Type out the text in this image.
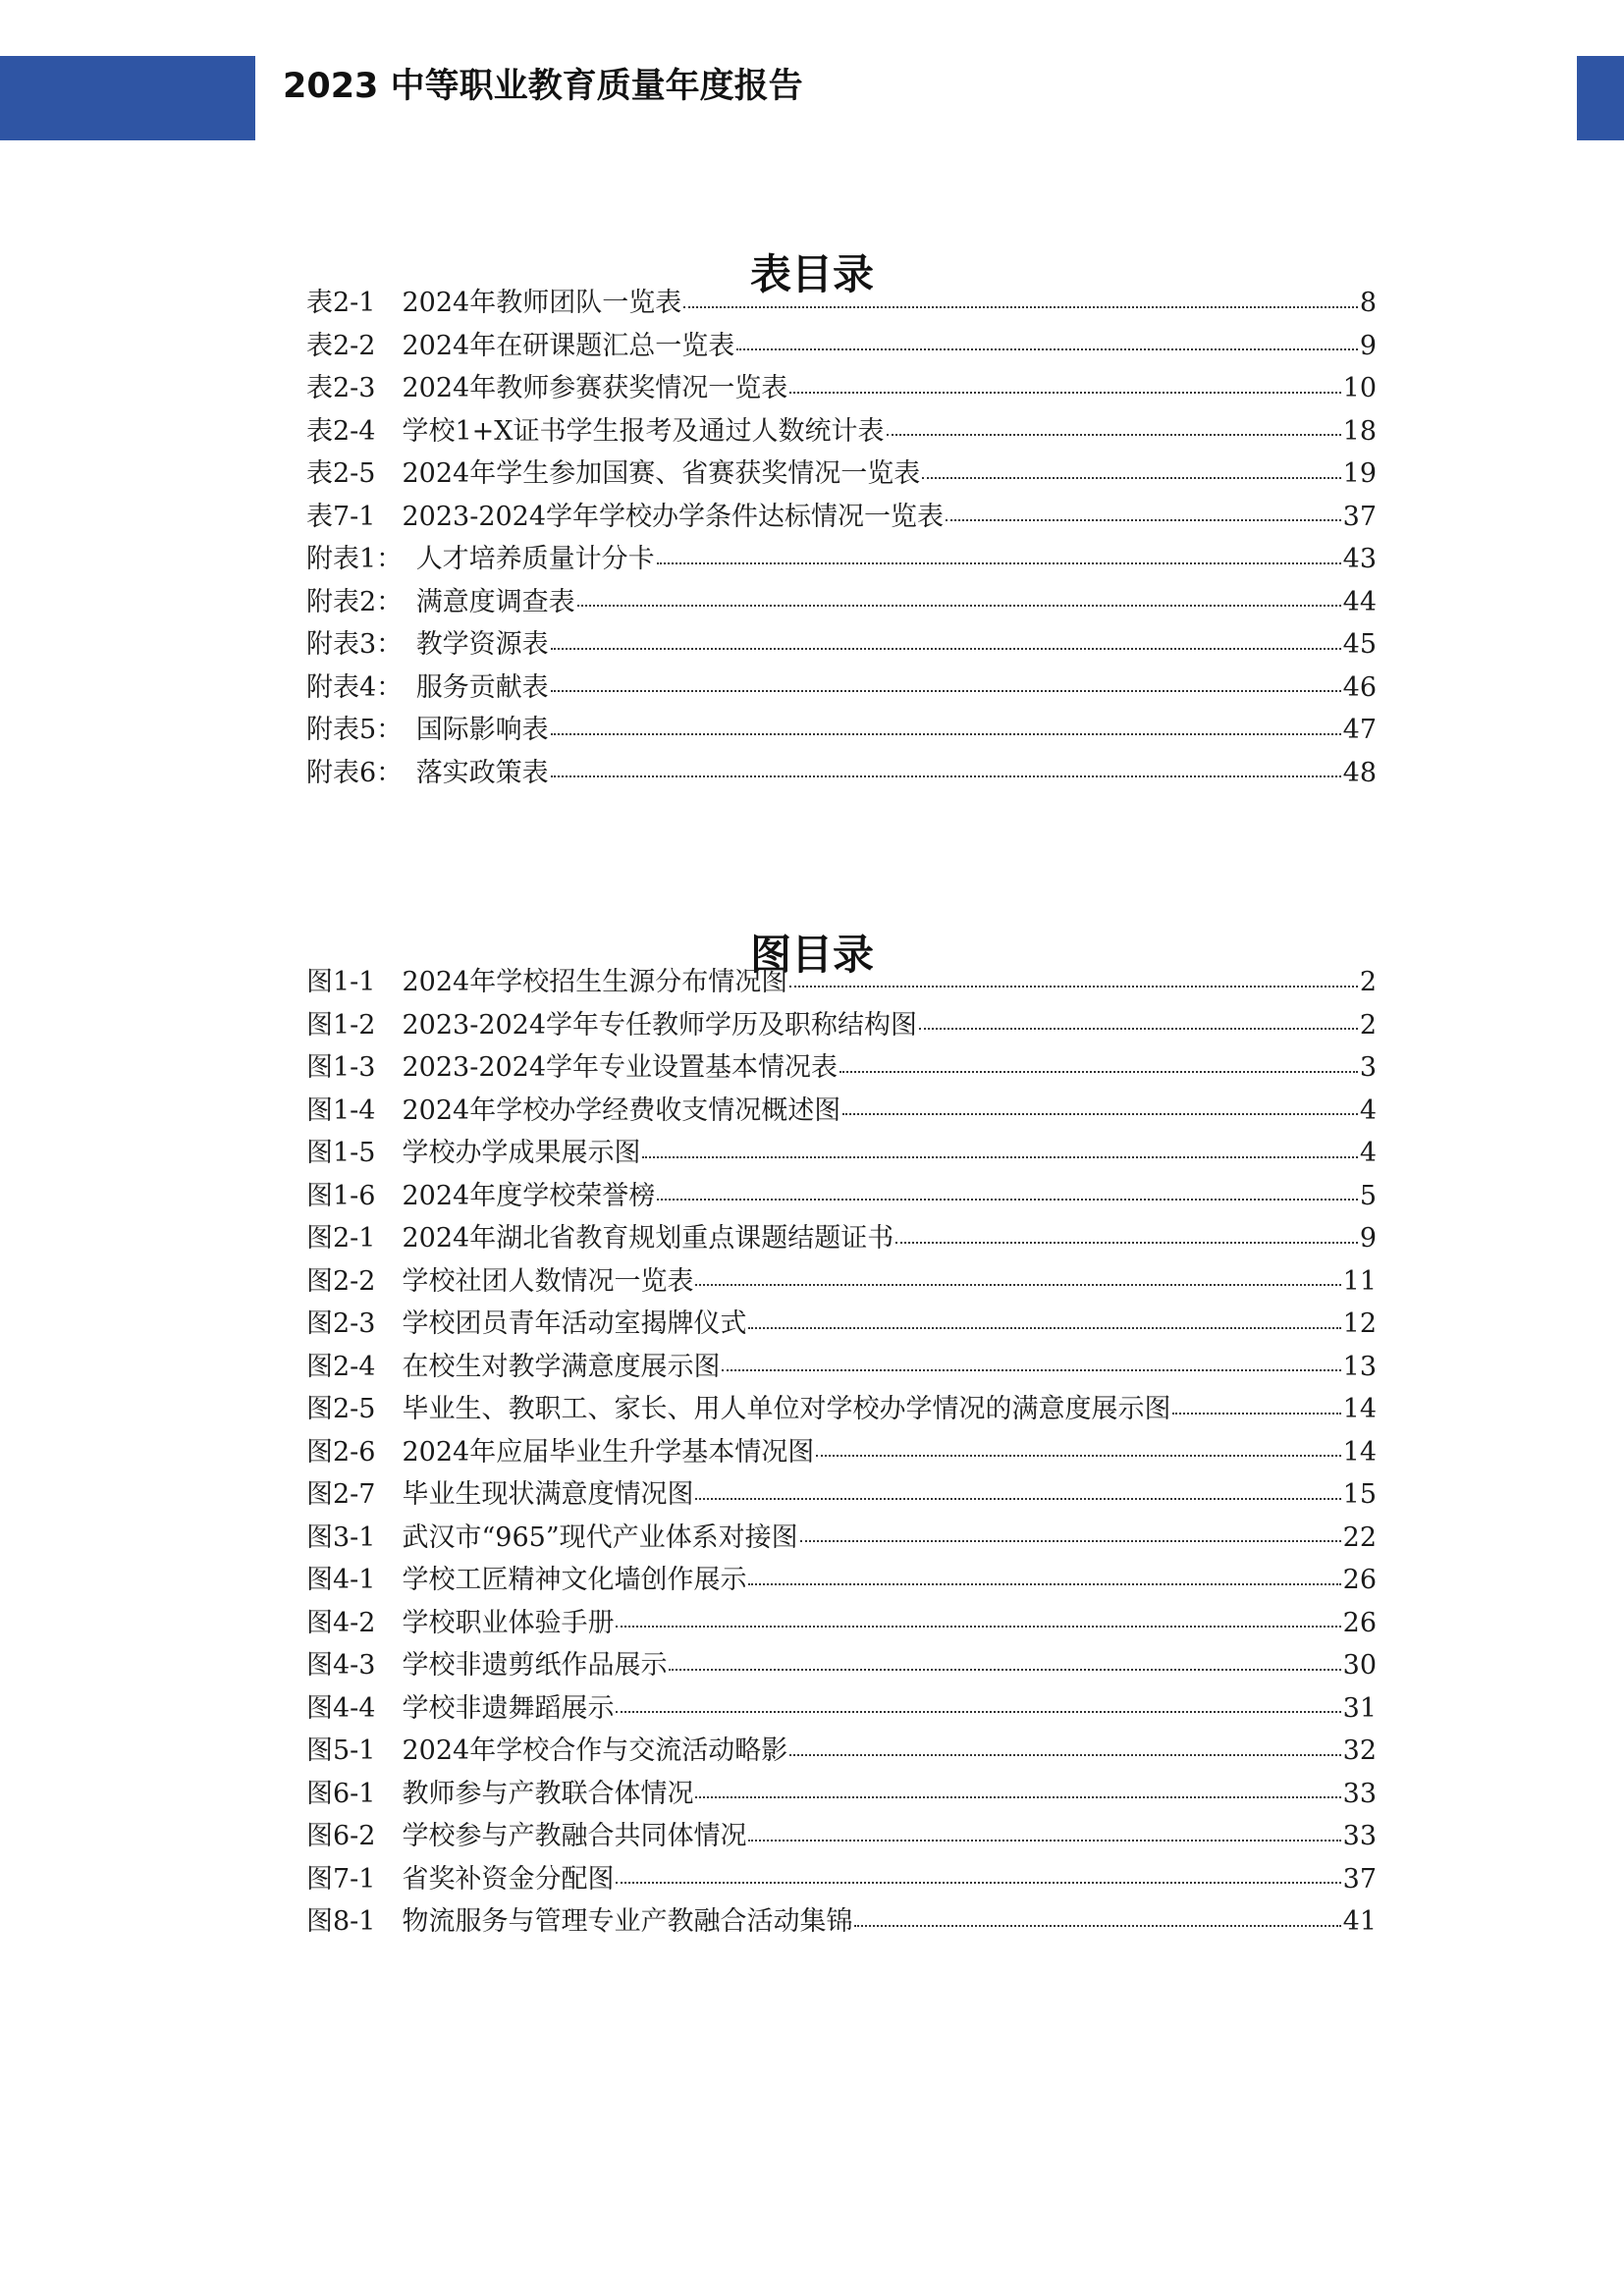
2023 中等职业教育质量年度报告
表目录
表2-1　 2024年教师团队一览表	8
表2-2　 2024年在研课题汇总一览表	9
表2-3　 2024年教师参赛获奖情况一览表	10
表2-4　 学校1+X证书学生报考及通过人数统计表	18
表2-5　 2024年学生参加国赛、省赛获奖情况一览表	19
表7-1　 2023-2024学年学校办学条件达标情况一览表	37
附表1：　 人才培养质量计分卡	43
附表2：　 满意度调查表	44
附表3：　 教学资源表	45
附表4：　 服务贡献表	46
附表5：　 国际影响表	47
附表6：　 落实政策表	48
图目录
图1-1　 2024年学校招生生源分布情况图	2
图1-2　 2023-2024学年专任教师学历及职称结构图	2
图1-3　 2023-2024学年专业设置基本情况表	3
图1-4　 2024年学校办学经费收支情况概述图	4
图1-5　 学校办学成果展示图	4
图1-6　 2024年度学校荣誉榜	5
图2-1　 2024年湖北省教育规划重点课题结题证书	9
图2-2　 学校社团人数情况一览表	11
图2-3　 学校团员青年活动室揭牌仪式	12
图2-4　 在校生对教学满意度展示图	13
图2-5　 毕业生、教职工、家长、用人单位对学校办学情况的满意度展示图	14
图2-6　 2024年应届毕业生升学基本情况图	14
图2-7　 毕业生现状满意度情况图	15
图3-1　 武汉市“965”现代产业体系对接图	22
图4-1　 学校工匠精神文化墙创作展示	26
图4-2　 学校职业体验手册	26
图4-3　 学校非遗剪纸作品展示	30
图4-4　 学校非遗舞蹈展示	31
图5-1　 2024年学校合作与交流活动略影	32
图6-1　 教师参与产教联合体情况	33
图6-2　 学校参与产教融合共同体情况	33
图7-1　 省奖补资金分配图	37
图8-1　 物流服务与管理专业产教融合活动集锦	41
